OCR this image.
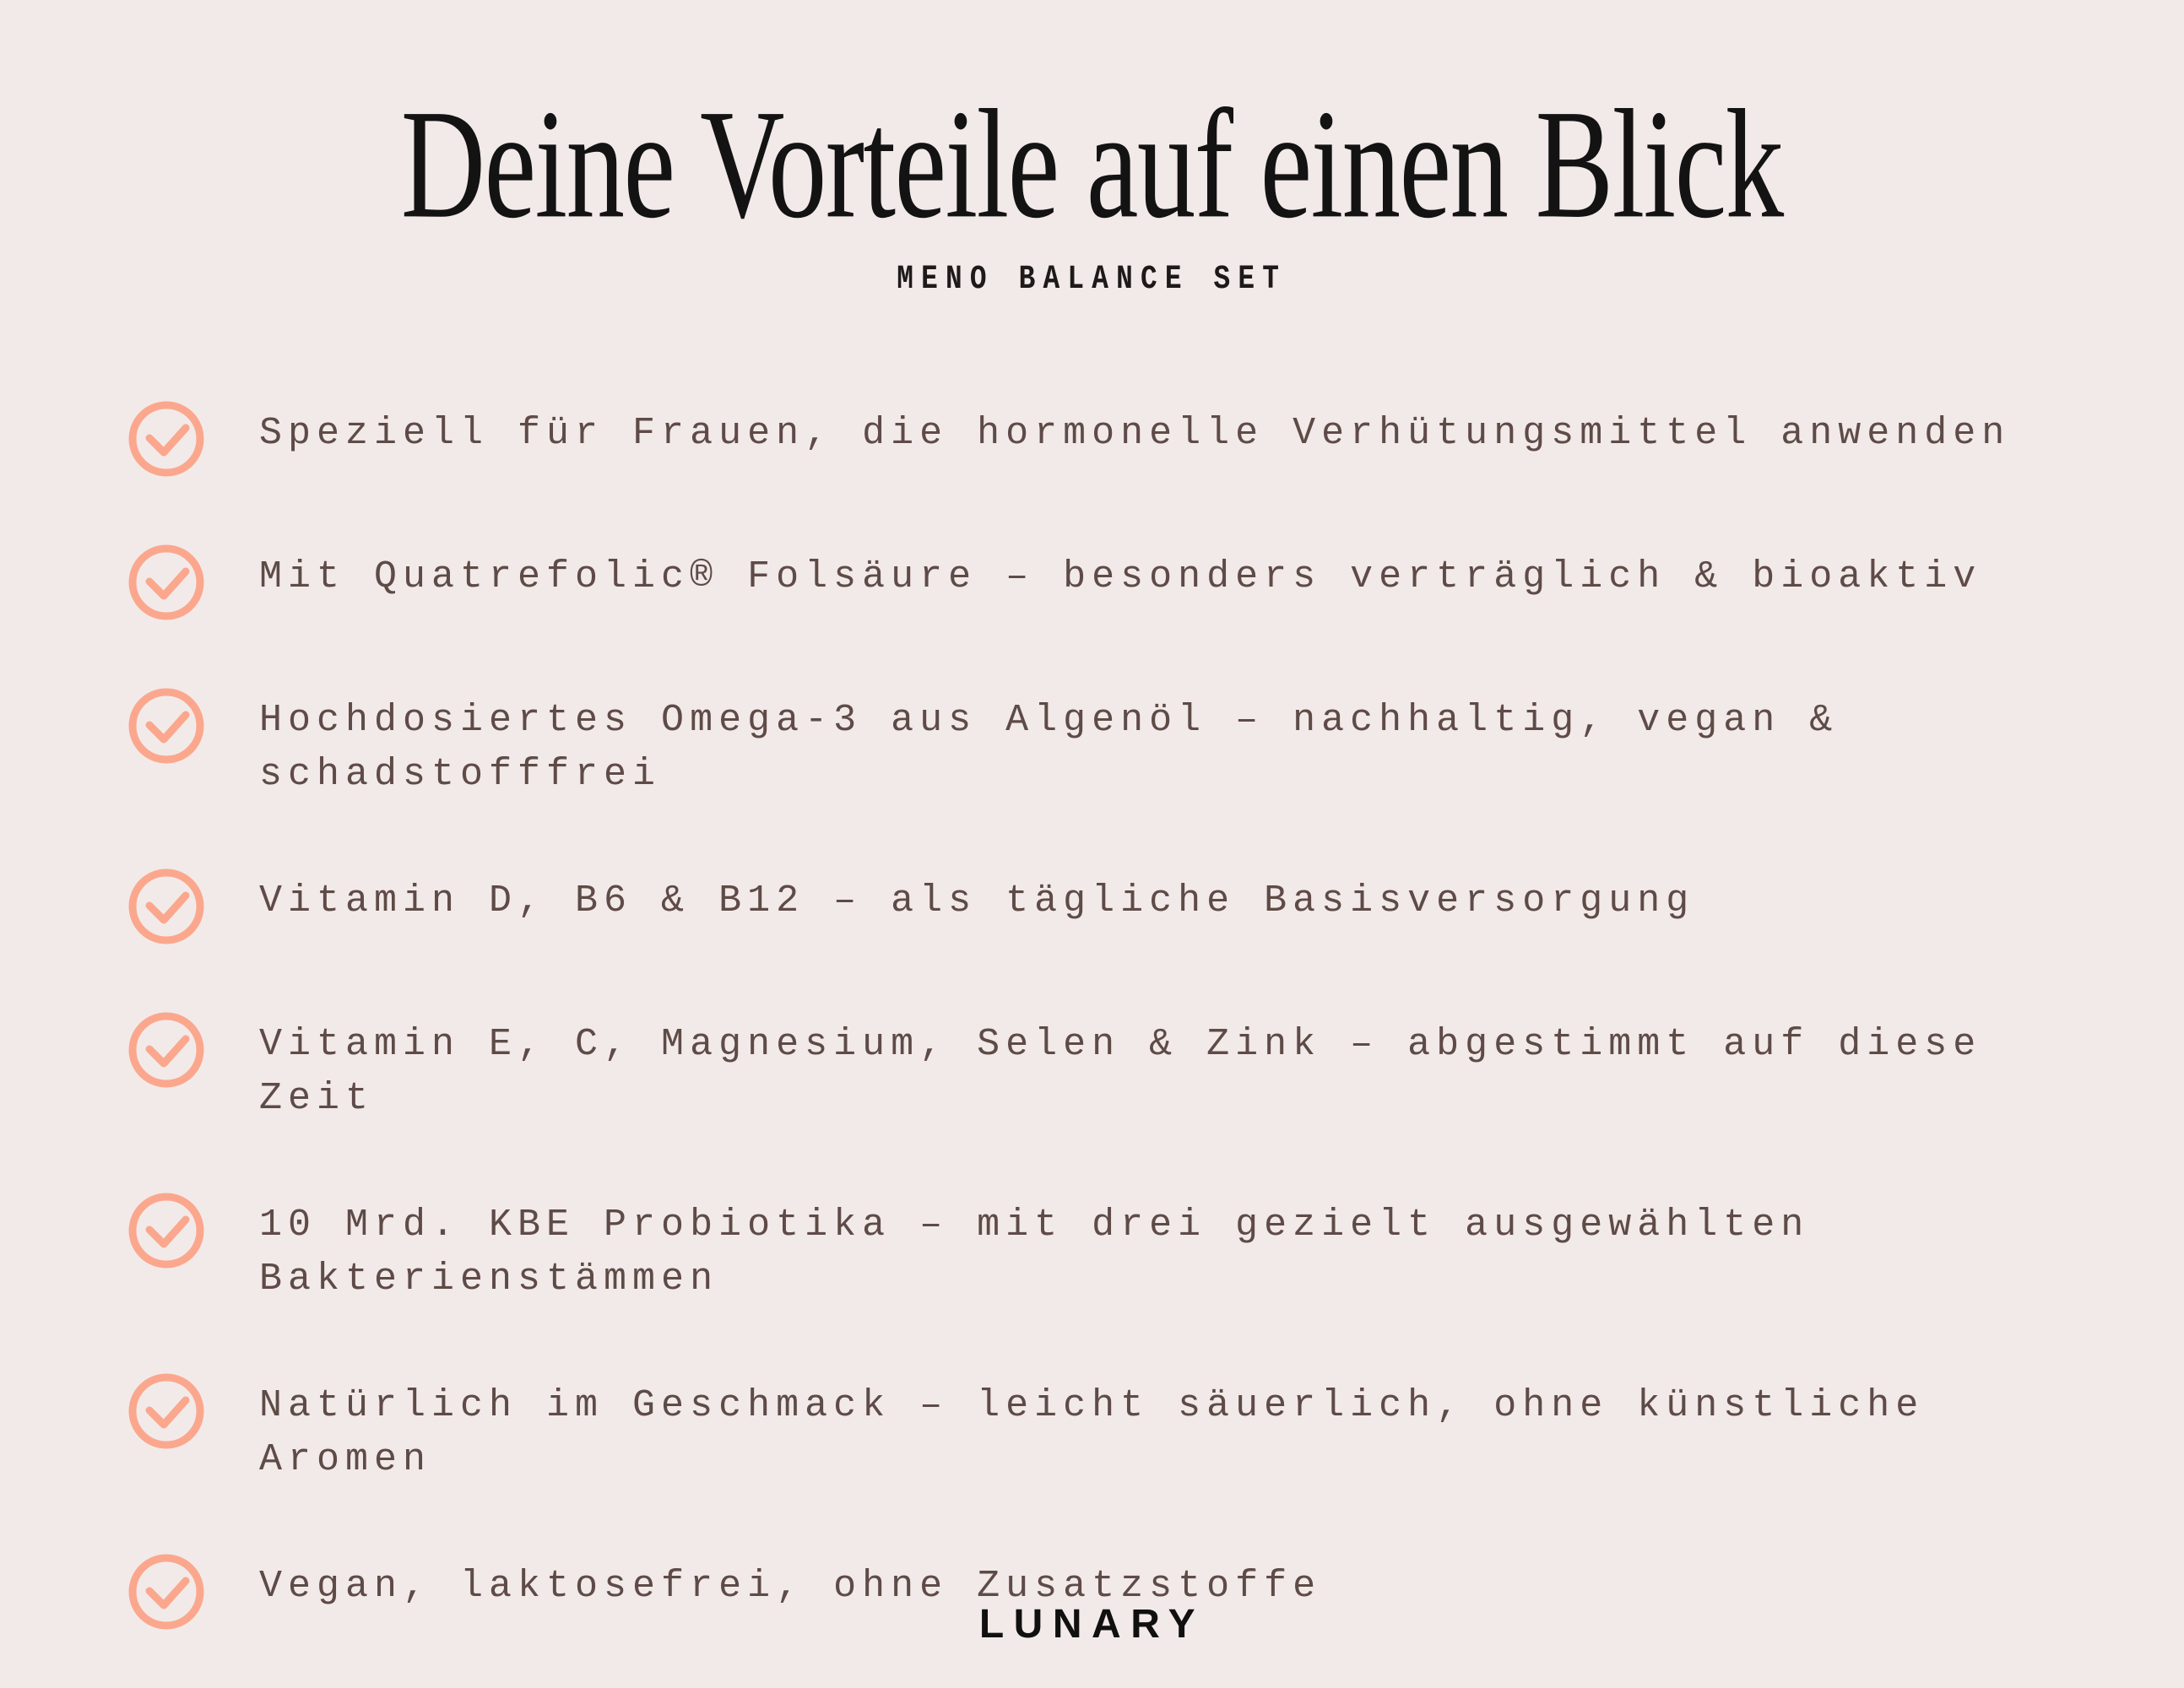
Deine Vorteile auf einen Blick
MENO BALANCE SET
Speziell für Frauen, die hormonelle Verhütungsmittel anwenden
Mit Quatrefolic® Folsäure – besonders verträglich & bioaktiv
Hochdosiertes Omega-3 aus Algenöl – nachhaltig, vegan & schadstofffrei
Vitamin D, B6 & B12 – als tägliche Basisversorgung
Vitamin E, C, Magnesium, Selen & Zink – abgestimmt auf diese Zeit
10 Mrd. KBE Probiotika – mit drei gezielt ausgewählten Bakterienstämmen
Natürlich im Geschmack – leicht säuerlich, ohne künstliche Aromen
Vegan, laktosefrei, ohne Zusatzstoffe
LUNARY
